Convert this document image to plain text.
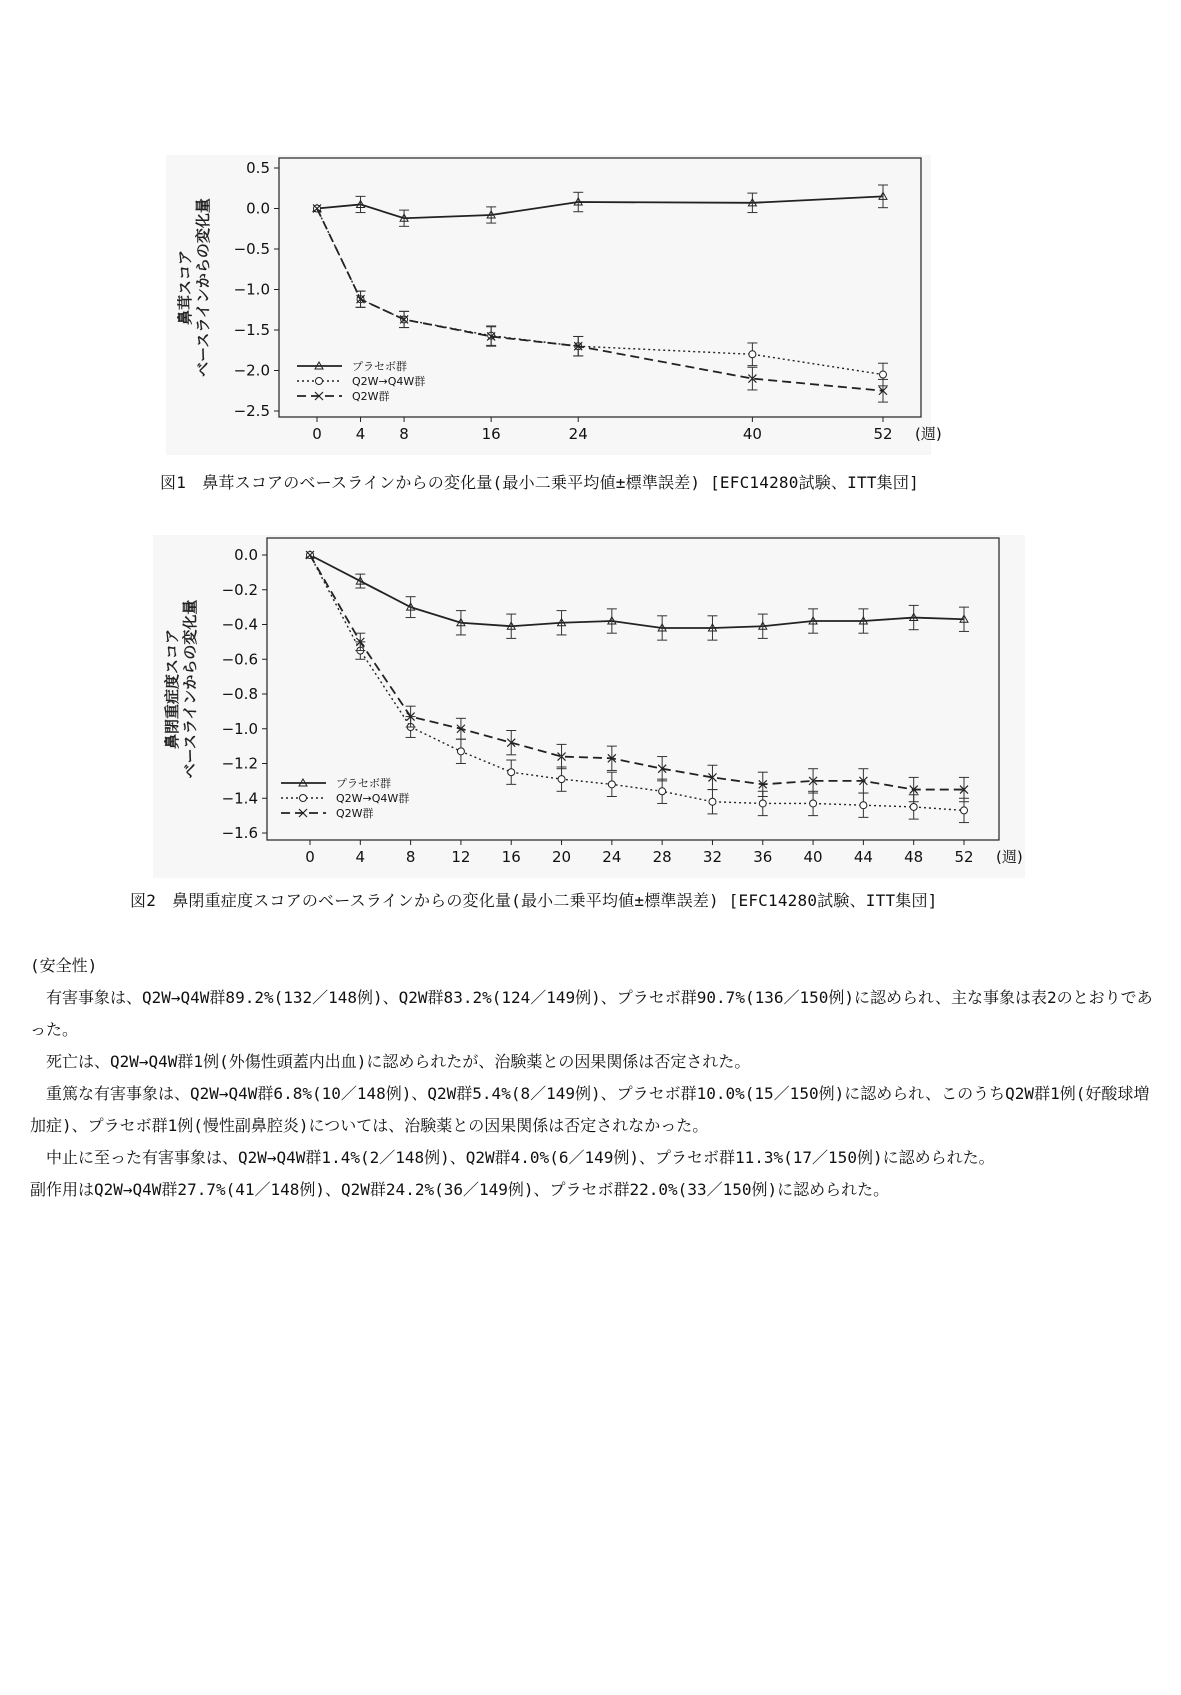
0.5
0.0
−0.5
−1.0
−1.5
−2.0
−2.5
0 4 8	16	24	40	52 (週)
鼻茸スコア ベースラインからの変化量	プラセボ群
Q2W→Q4W群
Q2W群
図1　鼻茸スコアのベースラインからの変化量(最小二乗平均値±標準誤差) [EFC14280試験、ITT集団]
0.0
−0.2
−0.4
−0.6
−0.8
−1.0
−1.2
−1.4
−1.6
0	4	8 12 16 20 24 28 32 36 40 44 48 52 (週)
鼻閉重症度スコア ベースラインからの変化量
プラセボ群
Q2W→Q4W群
Q2W群
図2　鼻閉重症度スコアのベースラインからの変化量(最小二乗平均値±標準誤差) [EFC14280試験、ITT集団]

(安全性)

有害事象は、Q2W→Q4W群89.2%(132／148例)、Q2W群83.2%(124／149例)、プラセボ群90.7%(136／150例)に認められ、主な事象は表2のとおりであった。

死亡は、Q2W→Q4W群1例(外傷性頭蓋内出血)に認められたが、治験薬との因果関係は否定された。

重篤な有害事象は、Q2W→Q4W群6.8%(10／148例)、Q2W群5.4%(8／149例)、プラセボ群10.0%(15／150例)に認められ、このうちQ2W群1例(好酸球増加症)、プラセボ群1例(慢性副鼻腔炎)については、治験薬との因果関係は否定されなかった。

中止に至った有害事象は、Q2W→Q4W群1.4%(2／148例)、Q2W群4.0%(6／149例)、プラセボ群11.3%(17／150例)に認められた。

副作用はQ2W→Q4W群27.7%(41／148例)、Q2W群24.2%(36／149例)、プラセボ群22.0%(33／150例)に認められた。
